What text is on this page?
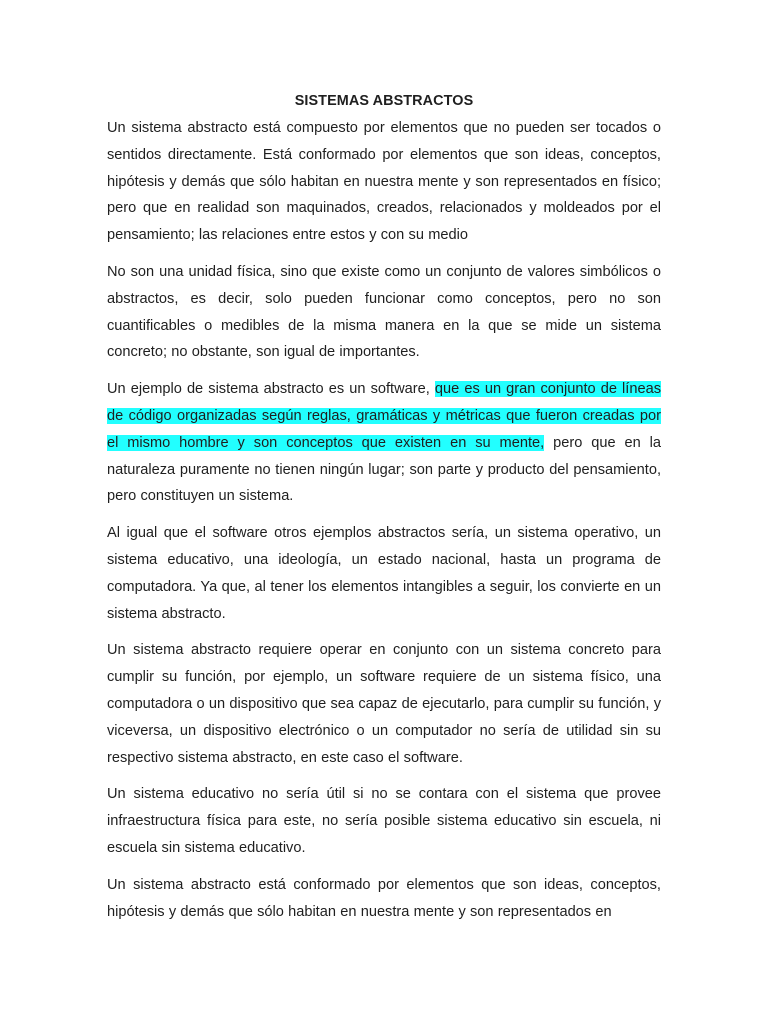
SISTEMAS ABSTRACTOS

Un sistema abstracto está compuesto por elementos que no pueden ser tocados o sentidos directamente. Está conformado por elementos que son ideas, conceptos, hipótesis y demás que sólo habitan en nuestra mente y son representados en físico; pero que en realidad son maquinados, creados, relacionados y moldeados por el pensamiento; las relaciones entre estos y con su medio

No son una unidad física, sino que existe como un conjunto de valores simbólicos o abstractos, es decir, solo pueden funcionar como conceptos, pero no son cuantificables o medibles de la misma manera en la que se mide un sistema concreto; no obstante, son igual de importantes.

Un ejemplo de sistema abstracto es un software, que es un gran conjunto de líneas de código organizadas según reglas, gramáticas y métricas que fueron creadas por el mismo hombre y son conceptos que existen en su mente, pero que en la naturaleza puramente no tienen ningún lugar; son parte y producto del pensamiento, pero constituyen un sistema.

Al igual que el software otros ejemplos abstractos sería, un sistema operativo, un sistema educativo, una ideología, un estado nacional, hasta un programa de computadora. Ya que, al tener los elementos intangibles a seguir, los convierte en un sistema abstracto.

Un sistema abstracto requiere operar en conjunto con un sistema concreto para cumplir su función, por ejemplo, un software requiere de un sistema físico, una computadora o un dispositivo que sea capaz de ejecutarlo, para cumplir su función, y viceversa, un dispositivo electrónico o un computador no sería de utilidad sin su respectivo sistema abstracto, en este caso el software.

Un sistema educativo no sería útil si no se contara con el sistema que provee infraestructura física para este, no sería posible sistema educativo sin escuela, ni escuela sin sistema educativo.

Un sistema abstracto está conformado por elementos que son ideas, conceptos, hipótesis y demás que sólo habitan en nuestra mente y son representados en
